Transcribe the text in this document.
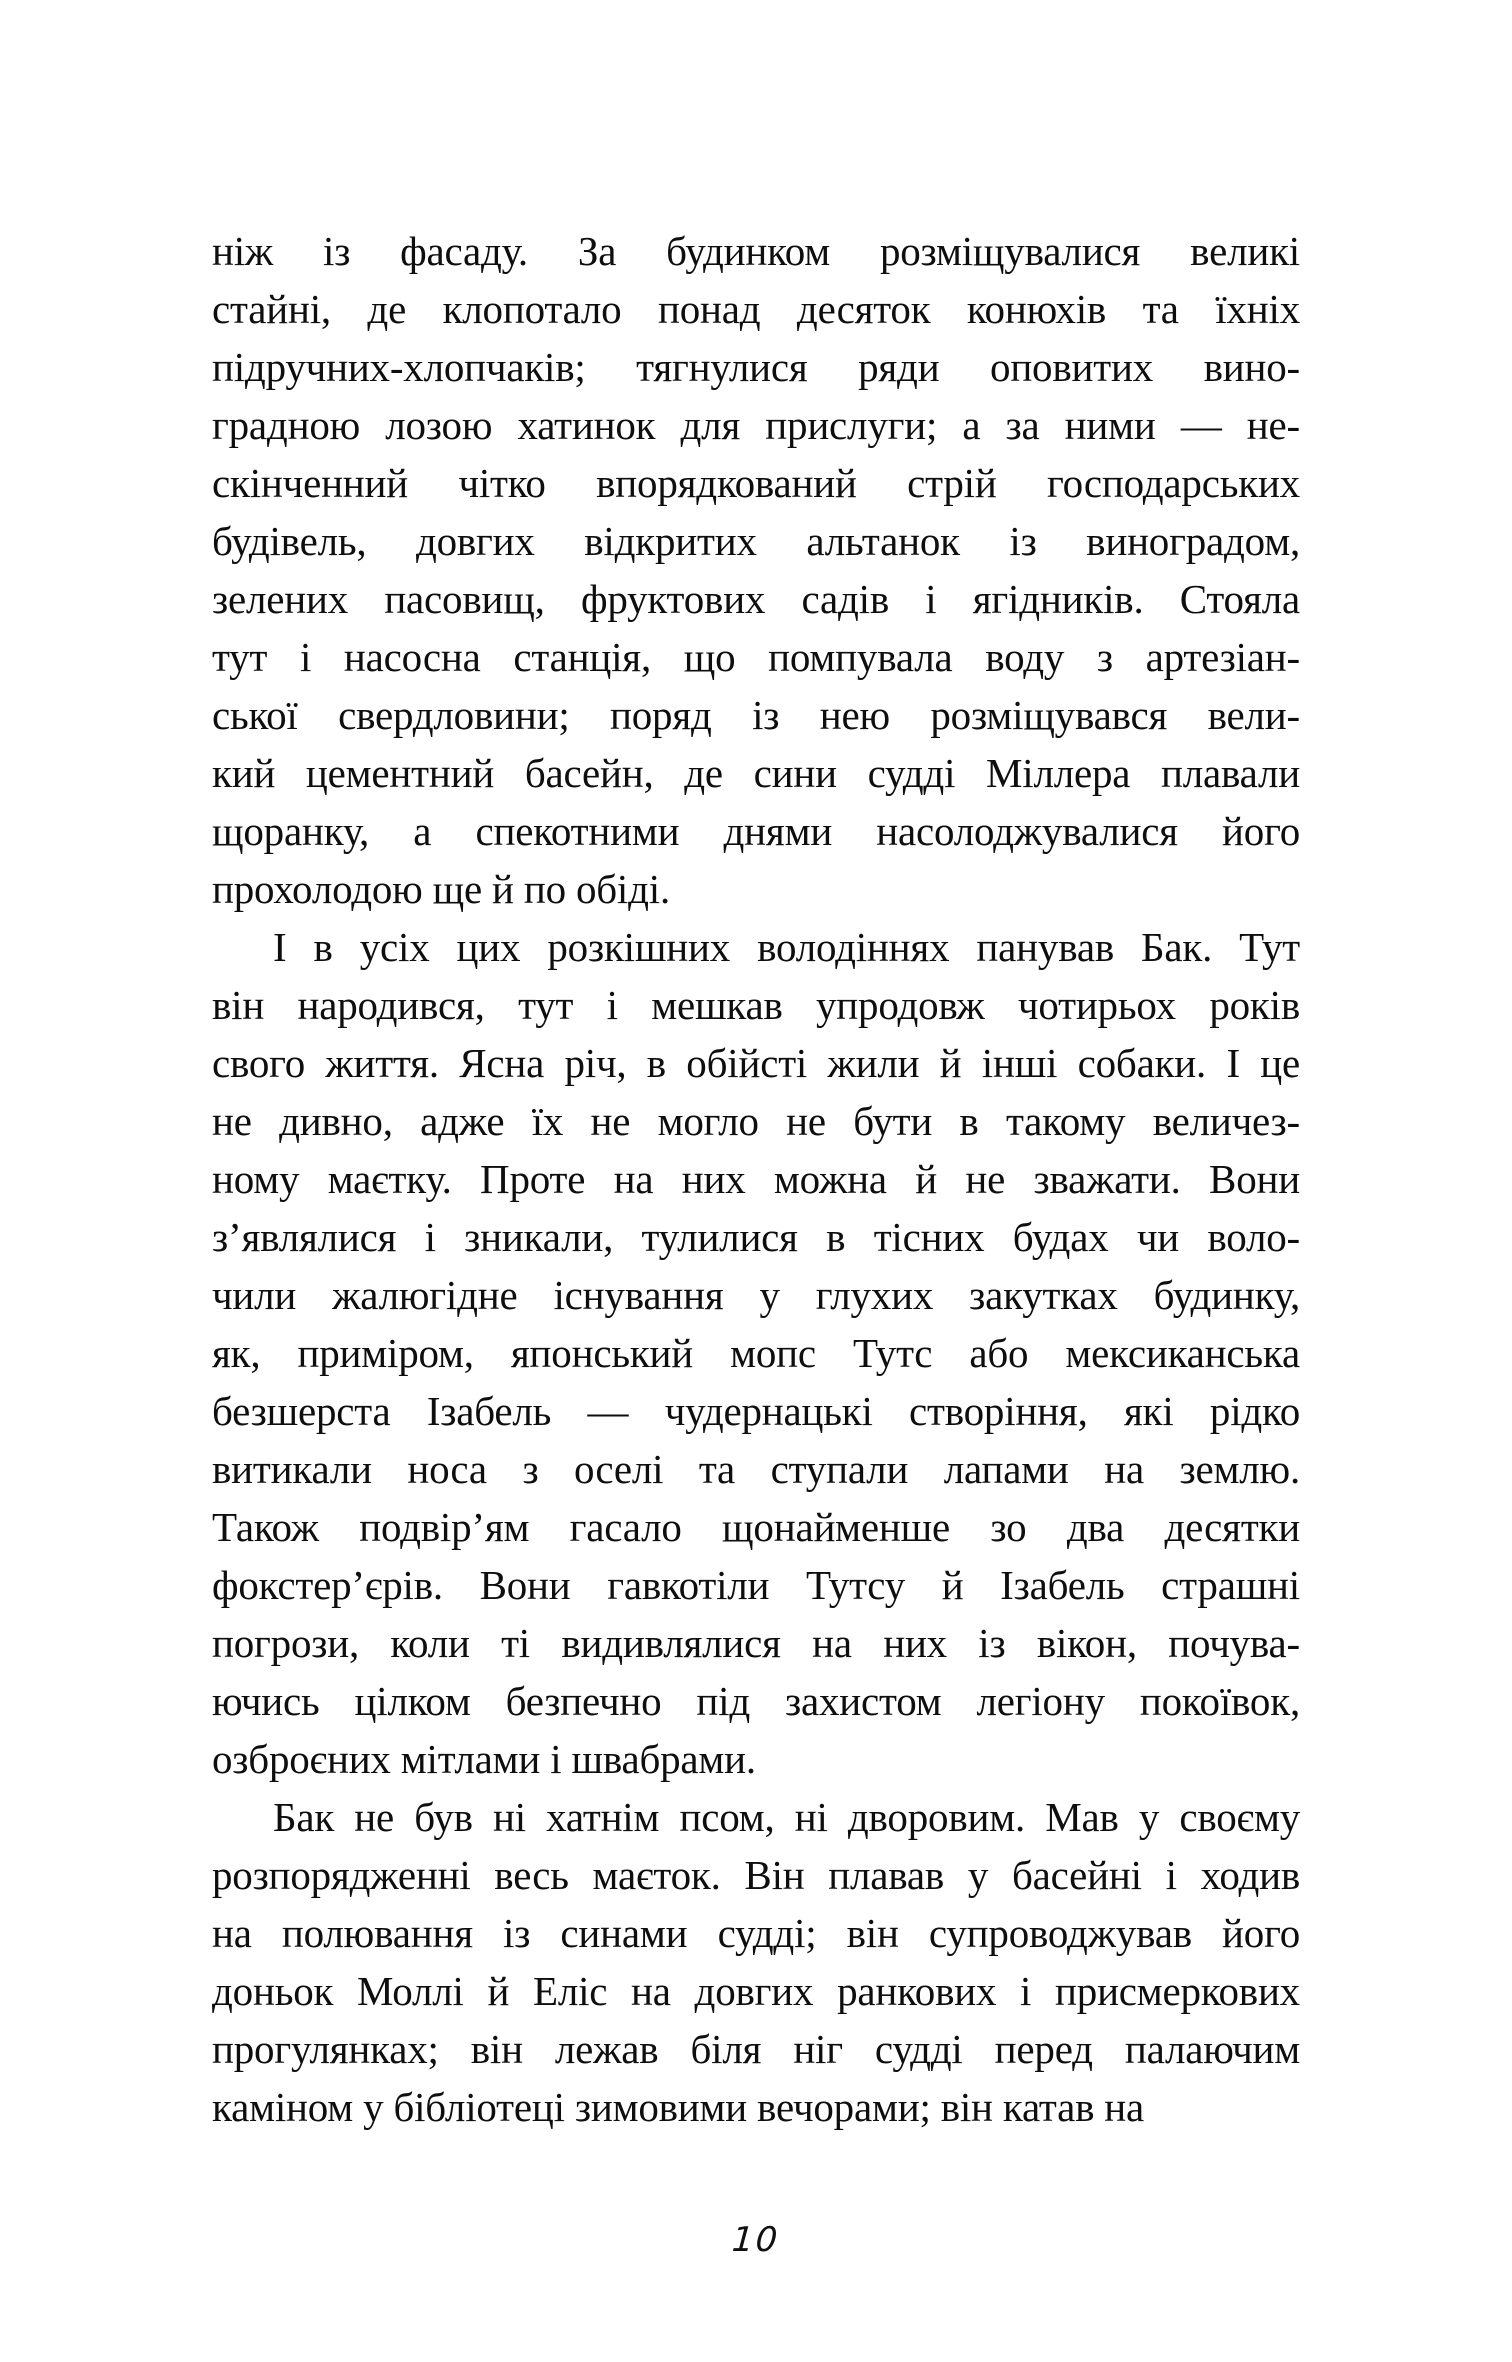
ніж із фасаду. За будинком розміщувалися великі
стайні, де клопотало понад десяток конюхів та їхніх
підручних-хлопчаків; тягнулися ряди оповитих вино-
градною лозою хатинок для прислуги; а за ними — не-
скінченний чітко впорядкований стрій господарських
будівель, довгих відкритих альтанок із виноградом,
зелених пасовищ, фруктових садів і ягідників. Стояла
тут і насосна станція, що помпувала воду з артезіан-
ської свердловини; поряд із нею розміщувався вели-
кий цементний басейн, де сини судді Міллера плавали
щоранку, а спекотними днями насолоджувалися його
прохолодою ще й по обіді.
І в усіх цих розкішних володіннях панував Бак. Тут
він народився, тут і мешкав упродовж чотирьох років
свого життя. Ясна річ, в обійсті жили й інші собаки. І це
не дивно, адже їх не могло не бути в такому величез-
ному маєтку. Проте на них можна й не зважати. Вони
з’являлися і зникали, тулилися в тісних будах чи воло-
чили жалюгідне існування у глухих закутках будинку,
як, приміром, японський мопс Тутс або мексиканська
безшерста Ізабель — чудернацькі створіння, які рідко
витикали носа з оселі та ступали лапами на землю.
Також подвір’ям гасало щонайменше зо два десятки
фокстер’єрів. Вони гавкотіли Тутсу й Ізабель страшні
погрози, коли ті видивлялися на них із вікон, почува-
ючись цілком безпечно під захистом легіону покоївок,
озброєних мітлами і швабрами.
Бак не був ні хатнім псом, ні дворовим. Мав у своєму
розпорядженні весь маєток. Він плавав у басейні і ходив
на полювання із синами судді; він супроводжував його
доньок Моллі й Еліс на довгих ранкових і присмеркових
прогулянках; він лежав біля ніг судді перед палаючим
каміном у бібліотеці зимовими вечорами; він катав на
10
